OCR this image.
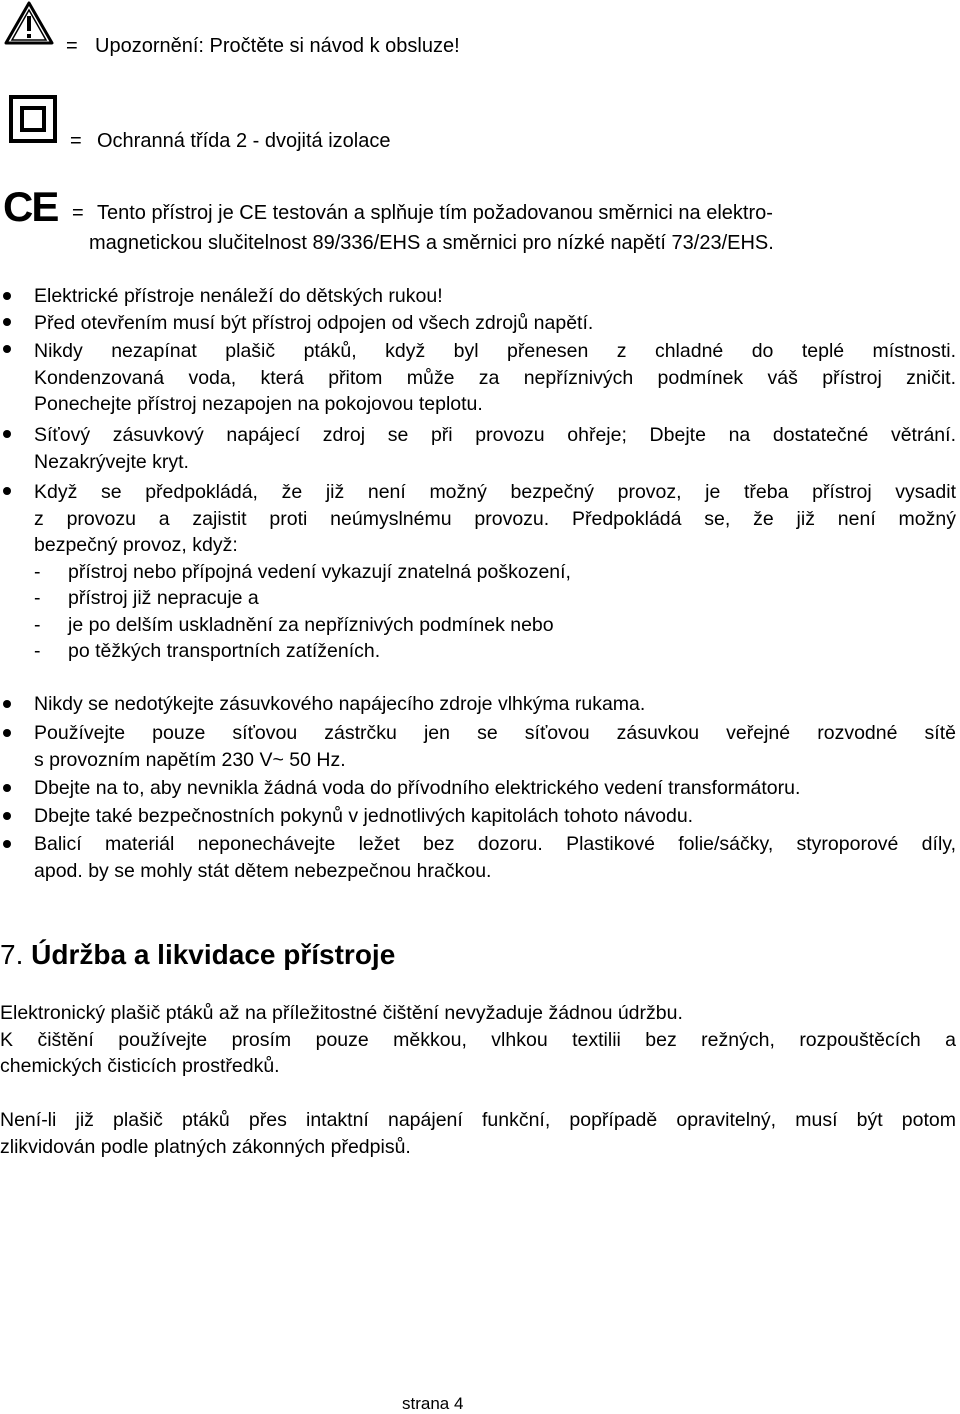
= Upozornění: Pročtěte si návod k obsluze!
= Ochranná třída 2 - dvojitá izolace
CE = Tento přístroj je CE testován a splňuje tím požadovanou směrnici na elektro-
magnetickou slučitelnost 89/336/EHS a směrnici pro nízké napětí 73/23/EHS.
Elektrické přístroje nenáleží do dětských rukou!
Před otevřením musí být přístroj odpojen od všech zdrojů napětí.
Nikdy nezapínat plašič ptáků, když byl přenesen z chladné do teplé místnosti.
Kondenzovaná voda, která přitom může za nepříznivých podmínek váš přístroj zničit.
Ponechejte přístroj nezapojen na pokojovou teplotu.
Síťový zásuvkový napájecí zdroj se při provozu ohřeje; Dbejte na dostatečné větrání.
Nezakrývejte kryt.
Když se předpokládá, že již není možný bezpečný provoz, je třeba přístroj vysadit
z provozu a zajistit proti neúmyslnému provozu. Předpokládá se, že již není možný
bezpečný provoz, když:
-	přístroj nebo přípojná vedení vykazují znatelná poškození,
-	přístroj již nepracuje a
-	je po delším uskladnění za nepříznivých podmínek nebo
-	po těžkých transportních zatíženích.
Nikdy se nedotýkejte zásuvkového napájecího zdroje vlhkýma rukama.
Používejte pouze síťovou zástrčku jen se síťovou zásuvkou veřejné rozvodné sítě
s provozním napětím 230 V~ 50 Hz.
Dbejte na to, aby nevnikla žádná voda do přívodního elektrického vedení transformátoru.
Dbejte také bezpečnostních pokynů v jednotlivých kapitolách tohoto návodu.
Balicí materiál neponechávejte ležet bez dozoru. Plastikové folie/sáčky, styroporové díly,
apod. by se mohly stát dětem nebezpečnou hračkou.
7. Údržba a likvidace přístroje
Elektronický plašič ptáků až na příležitostné čištění nevyžaduje žádnou údržbu.
K čištění používejte prosím pouze měkkou, vlhkou textilii bez režných, rozpouštěcích a
chemických čisticích prostředků.
Není-li již plašič ptáků přes intaktní napájení funkční, popřípadě opravitelný, musí být potom
zlikvidován podle platných zákonných předpisů.
strana 4
